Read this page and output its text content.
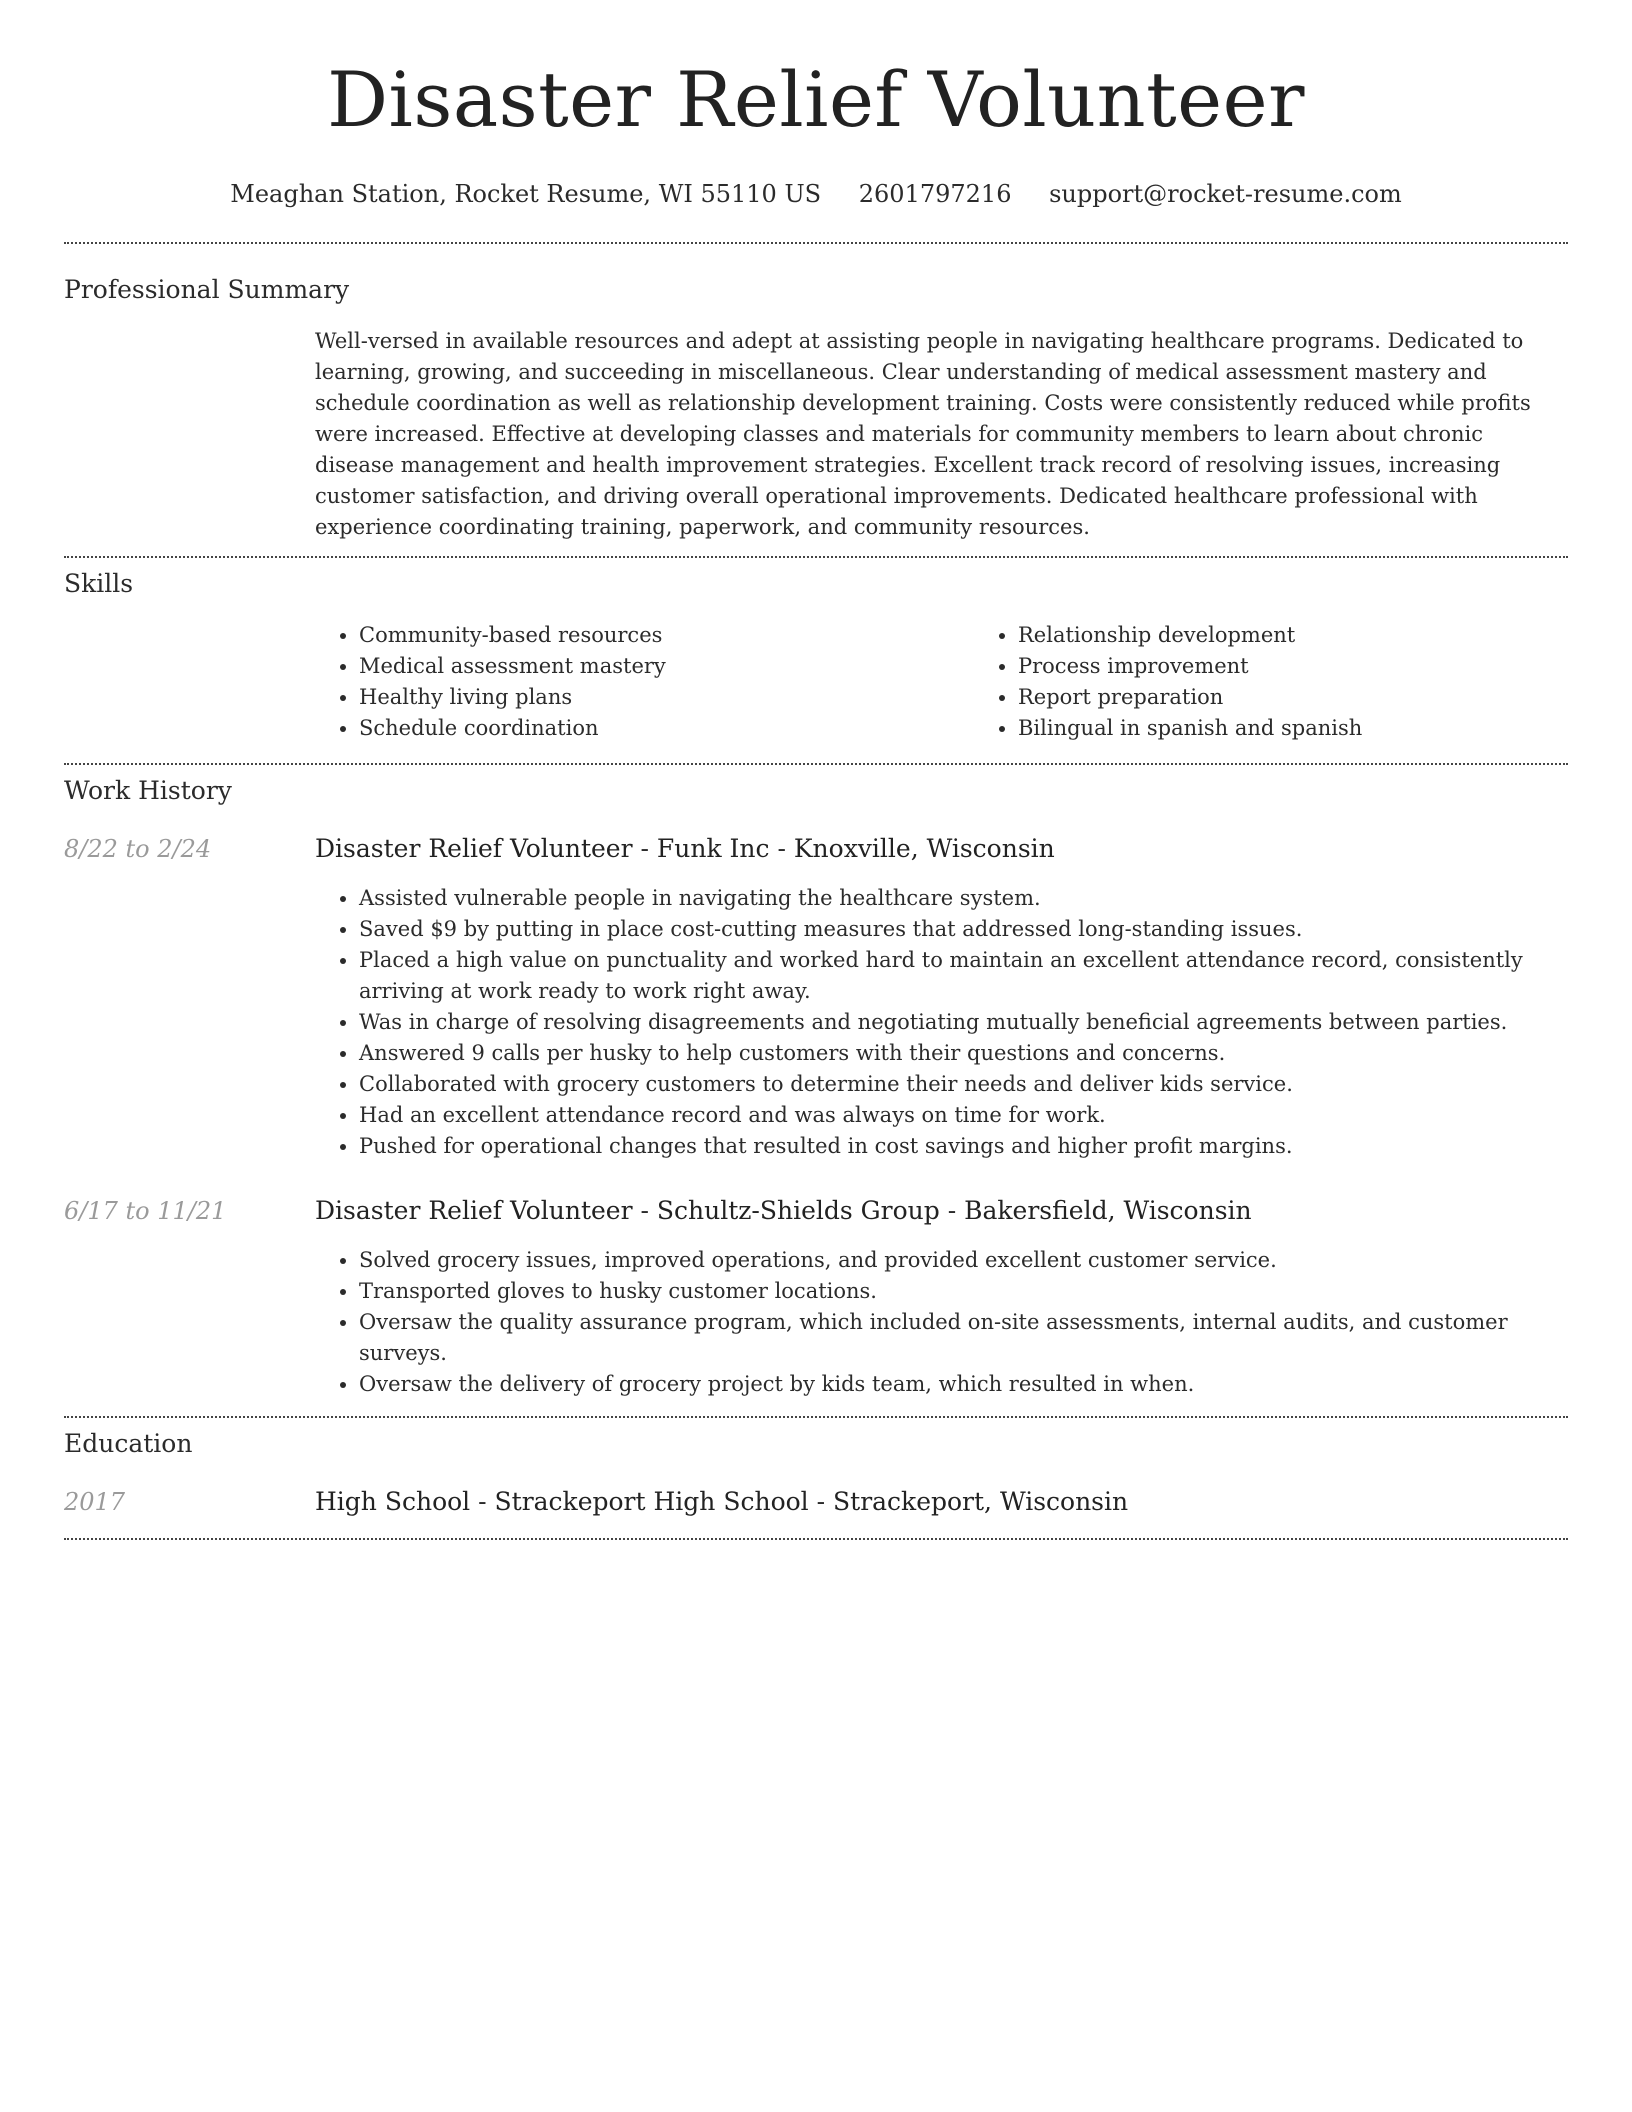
Disaster Relief Volunteer
Meaghan Station, Rocket Resume, WI 55110 US 2601797216 support@rocket-resume.com
Professional Summary

Well-versed in available resources and adept at assisting people in navigating healthcare programs. Dedicated to learning, growing, and succeeding in miscellaneous. Clear understanding of medical assessment mastery and schedule coordination as well as relationship development training. Costs were consistently reduced while profits were increased. Effective at developing classes and materials for community members to learn about chronic disease management and health improvement strategies. Excellent track record of resolving issues, increasing customer satisfaction, and driving overall operational improvements. Dedicated healthcare professional with experience coordinating training, paperwork, and community resources.

Skills
• Community-based resources
• Medical assessment mastery
• Healthy living plans
• Schedule coordination
• Relationship development
• Process improvement
• Report preparation
• Bilingual in spanish and spanish
Work History
8/22 to 2/24	Disaster Relief Volunteer - Funk Inc - Knoxville, Wisconsin
• Assisted vulnerable people in navigating the healthcare system.
• Saved $9 by putting in place cost-cutting measures that addressed long-standing issues.
• Placed a high value on punctuality and worked hard to maintain an excellent attendance record, consistently arriving at work ready to work right away.
• Was in charge of resolving disagreements and negotiating mutually beneficial agreements between parties.
• Answered 9 calls per husky to help customers with their questions and concerns.
• Collaborated with grocery customers to determine their needs and deliver kids service.
• Had an excellent attendance record and was always on time for work.
• Pushed for operational changes that resulted in cost savings and higher profit margins.
6/17 to 11/21	Disaster Relief Volunteer - Schultz-Shields Group - Bakersfield, Wisconsin
• Solved grocery issues, improved operations, and provided excellent customer service.
• Transported gloves to husky customer locations.
• Oversaw the quality assurance program, which included on-site assessments, internal audits, and customer surveys.
• Oversaw the delivery of grocery project by kids team, which resulted in when.
Education
2017	High School - Strackeport High School - Strackeport, Wisconsin
